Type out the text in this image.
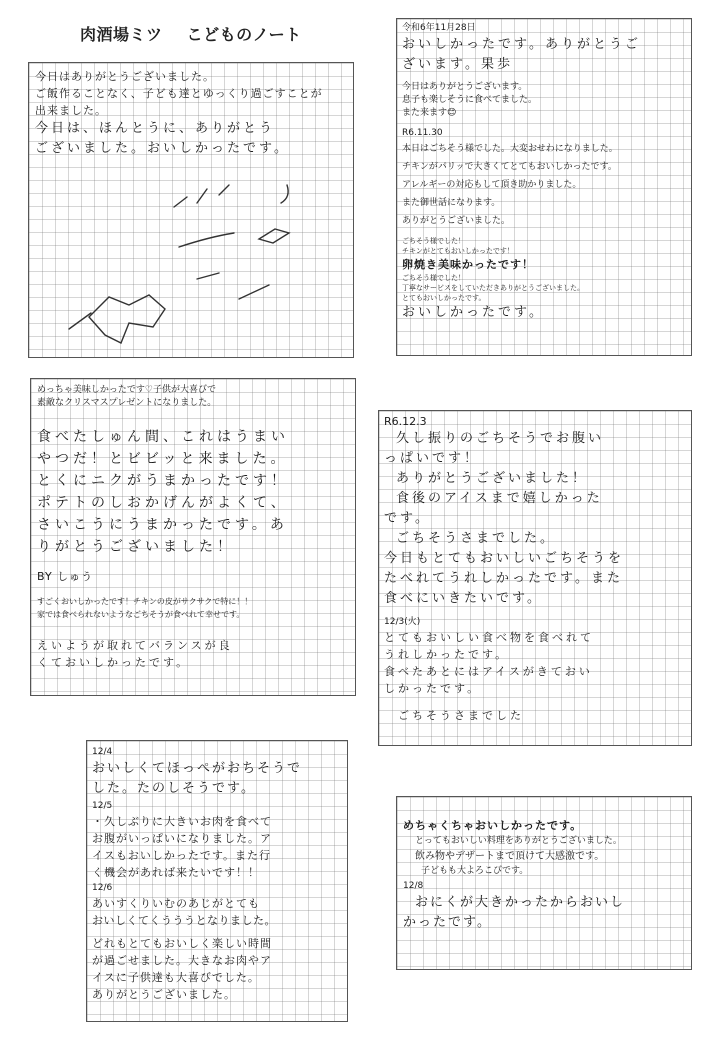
肉酒場ミツ こどものノート
今日はありがとうございました。
ご飯作ることなく、子ども達とゆっくり過ごすことが
出来ました。
今日は、ほんとうに、ありがとう
ございました。おいしかったです。
令和6年11月28日
おいしかったです。ありがとうご
ざいます。果歩
今日はありがとうございます。
息子も楽しそうに食べてました。
また来ます😊
R6.11.30
本日はごちそう様でした。大変おせわになりました。
チキンがパリッで大きくてとてもおいしかったです。
アレルギーの対応もして頂き助かりました。
また御世話になります。
ありがとうございました。
ごちそう様でした！
チキンがとてもおいしかったです！
卵焼き美味かったです！
ごちそう様でした！
丁寧なサービスをしていただきありがとうございました。
とてもおいしかったです。
おいしかったです。
めっちゃ美味しかったです♡子供が大喜びで
素敵なクリスマスプレゼントになりました。
食べたしゅん間、これはうまい
やつだ！とビビッと来ました。
とくにニクがうまかったです！
ポテトのしおかげんがよくて、
さいこうにうまかったです。あ
りがとうございました！
BY しゅう
すごくおいしかったです！チキンの皮がサクサクで特に！！
家では食べられないようなごちそうが食べれて幸せです。
えいようが取れてバランスが良
くておいしかったです。
R6.12.3
久し振りのごちそうでお腹い
っぱいです！
ありがとうございました！
食後のアイスまで嬉しかった
です。
ごちそうさまでした。
今日もとてもおいしいごちそうを
たべれてうれしかったです。また
食べにいきたいです。
12/3(火)
とてもおいしい食べ物を食べれて
うれしかったです。
食べたあとにはアイスがきておい
しかったです。
ごちそうさまでした
12/4
おいしくてほっぺがおちそうで
した。たのしそうです。
12/5
・久しぶりに大きいお肉を食べて
お腹がいっぱいになりました。ア
イスもおいしかったです。また行
く機会があれば来たいです！！
12/6
あいすくりいむのあじがとても
おいしくてくうううとなりました。
どれもとてもおいしく楽しい時間
が過ごせました。大きなお肉やア
イスに子供達も大喜びでした。
ありがとうございました。
めちゃくちゃおいしかったです。
とってもおいしい料理をありがとうございました。
飲み物やデザートまで頂けて大感激です。
子どもも大よろこびです。
12/8
おにくが大きかったからおいし
かったです。
